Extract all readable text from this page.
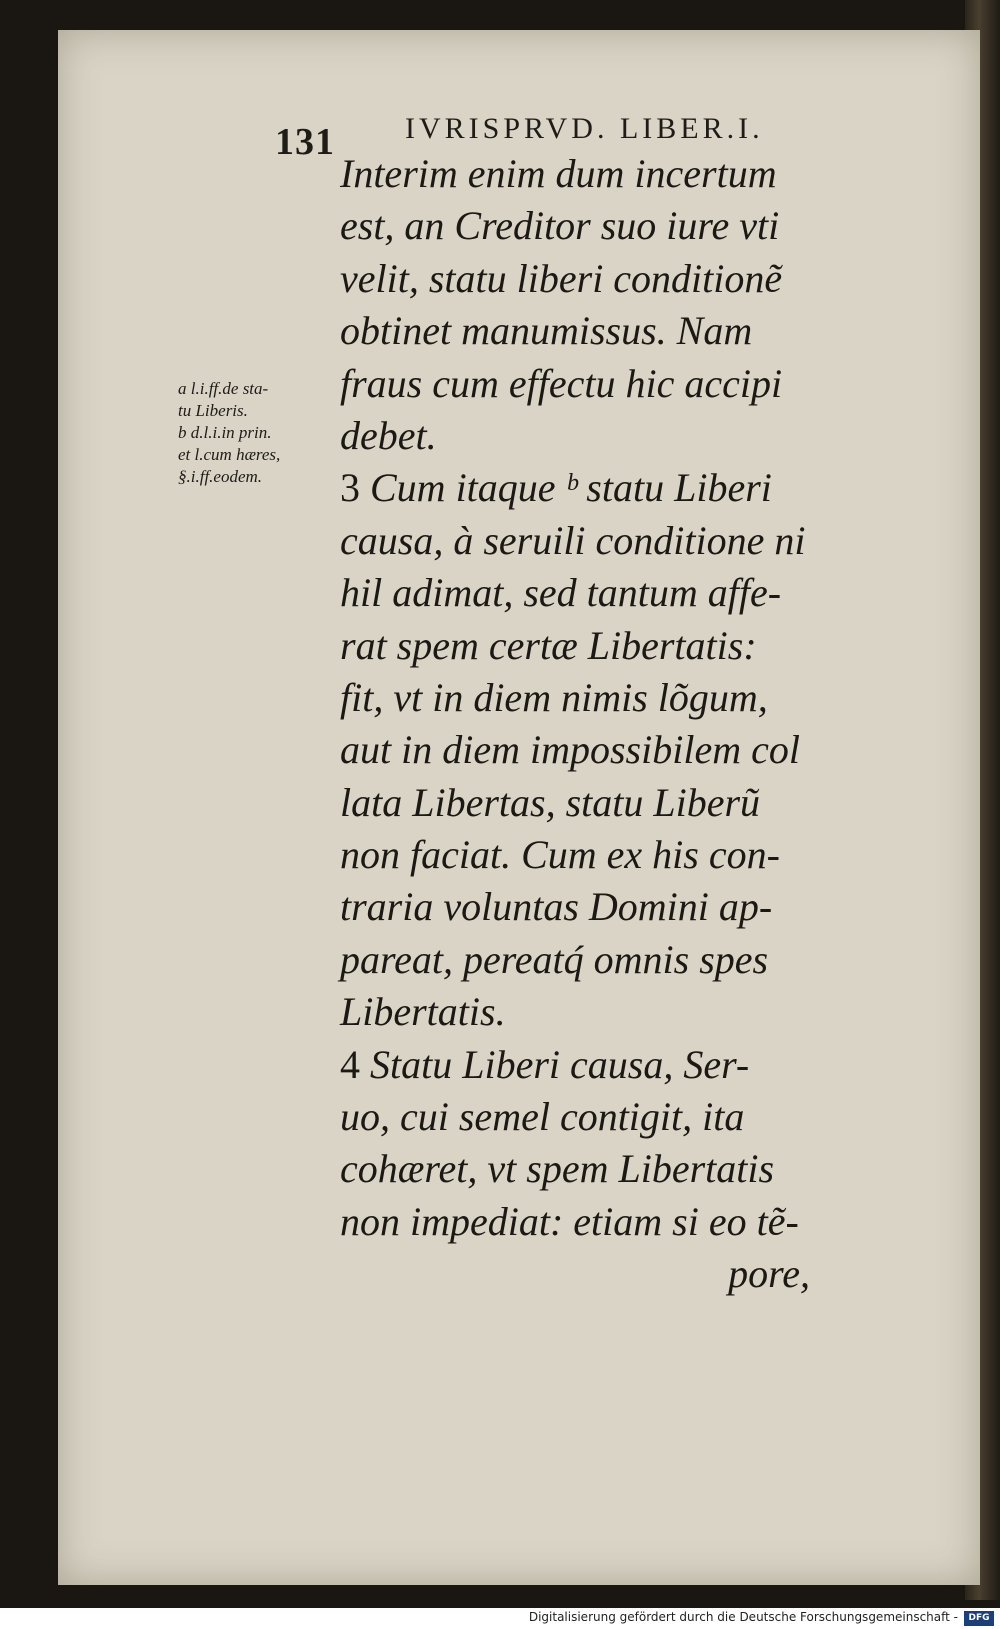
131 IVRISPRVD. LIBER.I.
a l.i.ff.de sta-
tu Liberis.
b d.l.i.in prin.
et l.cum hæres,
§.i.ff.eodem.
Interim enim dum incertum
est, an Creditor suo iure vti
velit, statu liberi conditionẽ
obtinet manumissus. Nam
fraus cum effectu hic accipi
debet.
3 Cum itaque ᵇ statu Liberi
causa, à seruili conditione ni
hil adimat, sed tantum affe-
rat spem certæ Libertatis:
fit, vt in diem nimis lõgum,
aut in diem impossibilem col
lata Libertas, statu Liberũ
non faciat. Cum ex his con-
traria voluntas Domini ap-
pareat, pereatq́ omnis spes
Libertatis.
4 Statu Liberi causa, Ser-
uo, cui semel contigit, ita
cohæret, vt spem Libertatis
non impediat: etiam si eo tẽ-
pore,
Digitalisierung gefördert durch die Deutsche Forschungsgemeinschaft -	DFG
